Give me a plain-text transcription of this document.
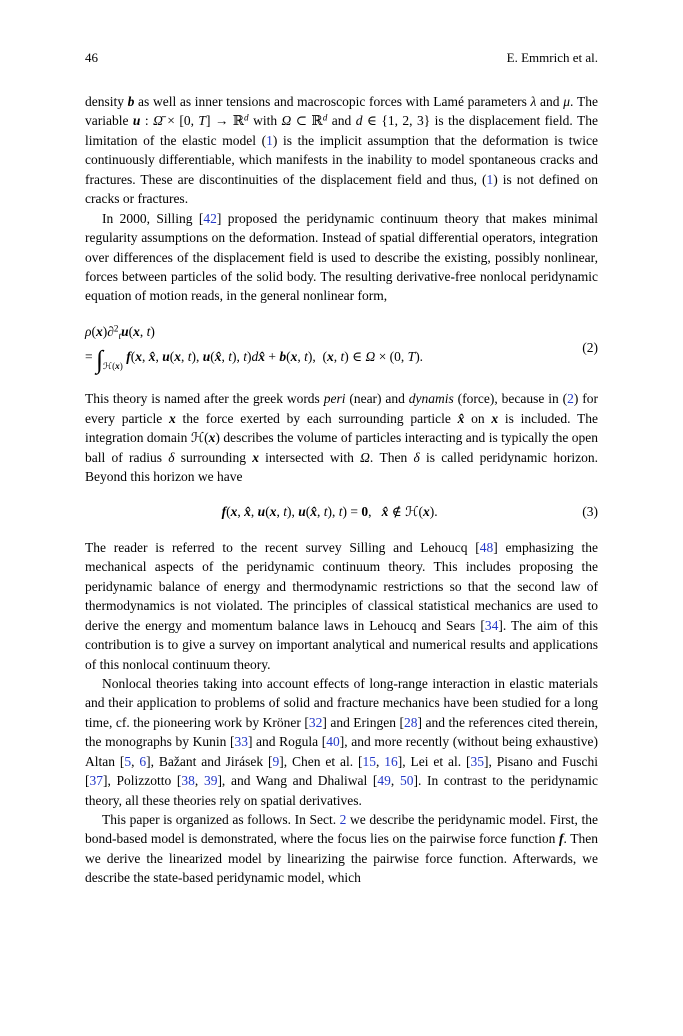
46	E. Emmrich et al.

density b as well as inner tensions and macroscopic forces with Lamé parameters λ and μ. The variable u : Ω̄ × [0, T] → ℝ$^d$ with Ω ⊂ ℝ$^d$ and d ∈ {1, 2, 3} is the displacement field. The limitation of the elastic model (1) is the implicit assumption that the deformation is twice continuously differentiable, which manifests in the inability to model spontaneous cracks and fractures. These are discontinuities of the displacement field and thus, (1) is not defined on cracks or fractures.

In 2000, Silling [42] proposed the peridynamic continuum theory that makes minimal regularity assumptions on the deformation. Instead of spatial differential operators, integration over differences of the displacement field is used to describe the existing, possibly nonlinear, forces between particles of the solid body. The resulting derivative-free nonlocal peridynamic equation of motion reads, in the general nonlinear form,

ρ(x)∂$^2_t$u(x, t)
= $\int_{ℋ(x)}$ f(x, x̂, u(x, t), u(x̂, t), t)dx̂ + b(x, t),  (x, t) ∈ Ω × (0, T).
(2)

This theory is named after the greek words peri (near) and dynamis (force), because in (2) for every particle x the force exerted by each surrounding particle x̂ on x is included. The integration domain ℋ(x) describes the volume of particles interacting and is typically the open ball of radius δ surrounding x intersected with Ω. Then δ is called peridynamic horizon. Beyond this horizon we have

f(x, x̂, u(x, t), u(x̂, t), t) = 0,   x̂ ∉ ℋ(x).	(3)

The reader is referred to the recent survey Silling and Lehoucq [48] emphasizing the mechanical aspects of the peridynamic continuum theory. This includes proposing the peridynamic balance of energy and thermodynamic restrictions so that the second law of thermodynamics is not violated. The principles of classical statistical mechanics are used to derive the energy and momentum balance laws in Lehoucq and Sears [34]. The aim of this contribution is to give a survey on important analytical and numerical results and applications of this nonlocal continuum theory.

Nonlocal theories taking into account effects of long-range interaction in elastic materials and their application to problems of solid and fracture mechanics have been studied for a long time, cf. the pioneering work by Kröner [32] and Eringen [28] and the references cited therein, the monographs by Kunin [33] and Rogula [40], and more recently (without being exhaustive) Altan [5, 6], Bažant and Jirásek [9], Chen et al. [15, 16], Lei et al. [35], Pisano and Fuschi [37], Polizzotto [38, 39], and Wang and Dhaliwal [49, 50]. In contrast to the peridynamic theory, all these theories rely on spatial derivatives.

This paper is organized as follows. In Sect. 2 we describe the peridynamic model. First, the bond-based model is demonstrated, where the focus lies on the pairwise force function f. Then we derive the linearized model by linearizing the pairwise force function. Afterwards, we describe the state-based peridynamic model, which
